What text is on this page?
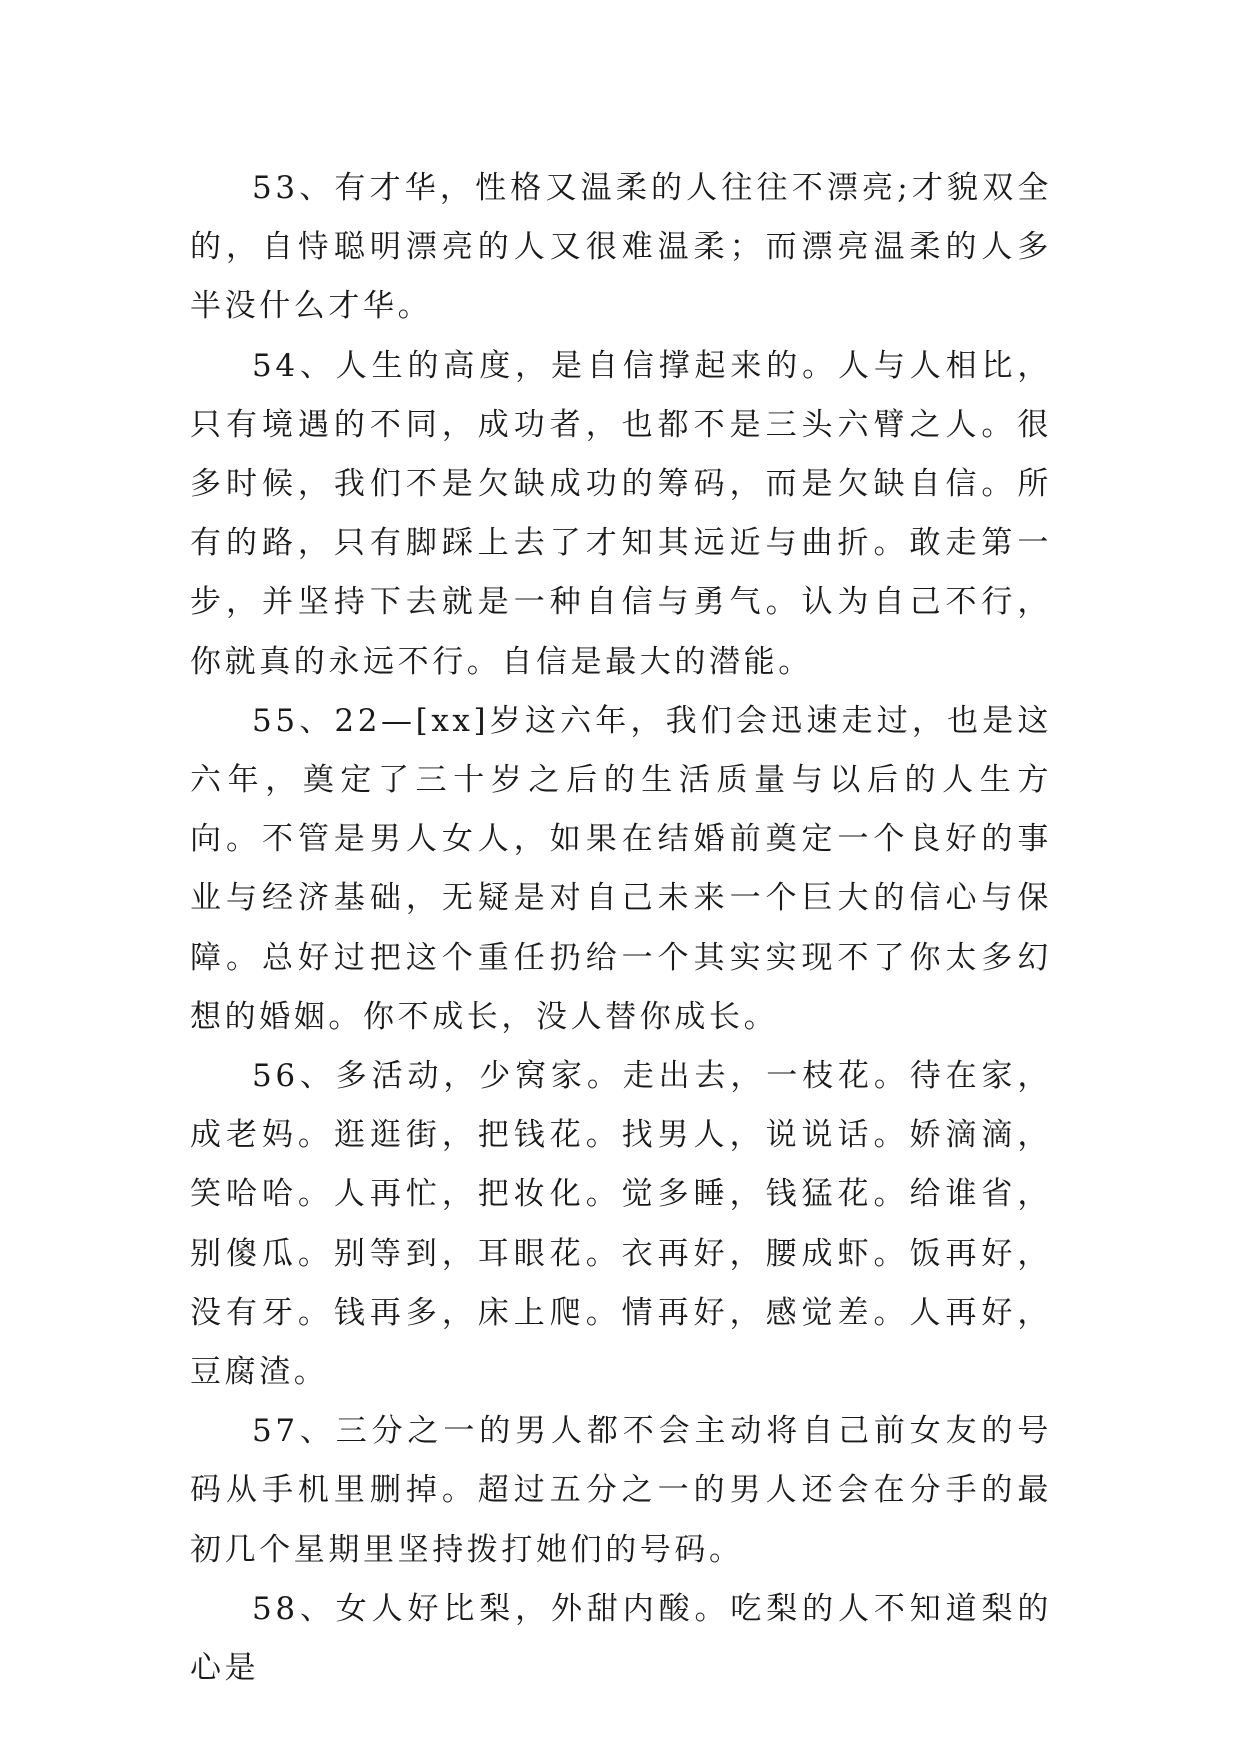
53、有才华，性格又温柔的人往往不漂亮;才貌双全的，自恃聪明漂亮的人又很难温柔；而漂亮温柔的人多半没什么才华。

54、人生的高度，是自信撑起来的。人与人相比，只有境遇的不同，成功者，也都不是三头六臂之人。很多时候，我们不是欠缺成功的筹码，而是欠缺自信。所有的路，只有脚踩上去了才知其远近与曲折。敢走第一步，并坚持下去就是一种自信与勇气。认为自己不行，你就真的永远不行。自信是最大的潜能。

55、22—[xx]岁这六年，我们会迅速走过，也是这六年，奠定了三十岁之后的生活质量与以后的人生方向。不管是男人女人，如果在结婚前奠定一个良好的事业与经济基础，无疑是对自己未来一个巨大的信心与保障。总好过把这个重任扔给一个其实实现不了你太多幻想的婚姻。你不成长，没人替你成长。

56、多活动，少窝家。走出去，一枝花。待在家，成老妈。逛逛街，把钱花。找男人，说说话。娇滴滴，笑哈哈。人再忙，把妆化。觉多睡，钱猛花。给谁省，别傻瓜。别等到，耳眼花。衣再好，腰成虾。饭再好，没有牙。钱再多，床上爬。情再好，感觉差。人再好，豆腐渣。

57、三分之一的男人都不会主动将自己前女友的号码从手机里删掉。超过五分之一的男人还会在分手的最初几个星期里坚持拨打她们的号码。

58、女人好比梨，外甜内酸。吃梨的人不知道梨的心是
